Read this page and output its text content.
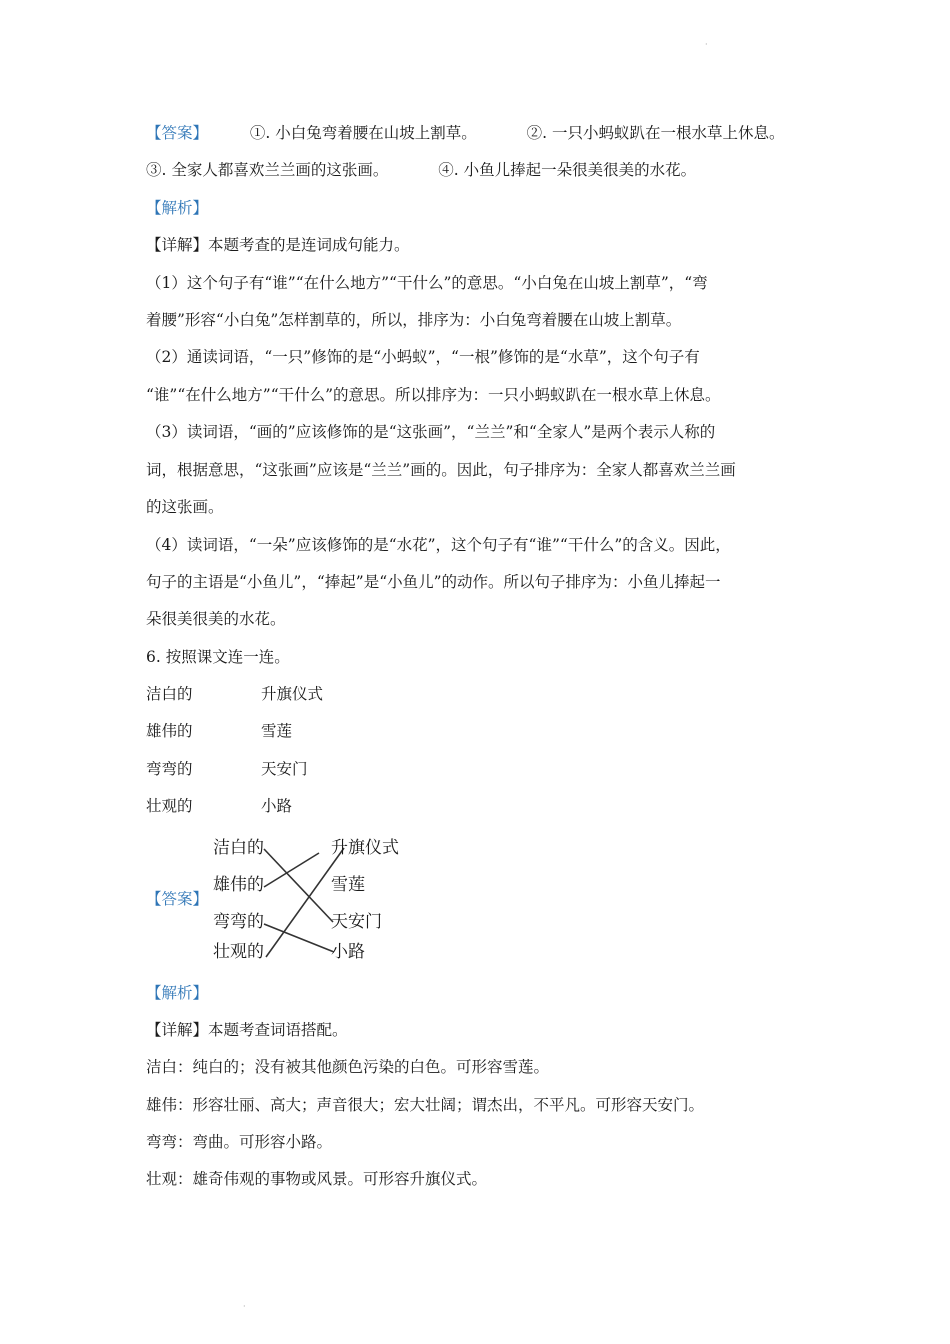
·
【答案】	①. 小白兔弯着腰在山坡上割草。	②. 一只小蚂蚁趴在一根水草上休息。
③. 全家人都喜欢兰兰画的这张画。	④. 小鱼儿捧起一朵很美很美的水花。
【解析】
【详解】本题考查的是连词成句能力。
（1）这个句子有“谁”“在什么地方”“干什么”的意思。“小白兔在山坡上割草”，“弯
着腰”形容“小白兔”怎样割草的，所以，排序为：小白兔弯着腰在山坡上割草。
（2）通读词语，“一只”修饰的是“小蚂蚁”，“一根”修饰的是“水草”，这个句子有
“谁”“在什么地方”“干什么”的意思。所以排序为：一只小蚂蚁趴在一根水草上休息。
（3）读词语，“画的”应该修饰的是“这张画”，“兰兰”和“全家人”是两个表示人称的
词，根据意思，“这张画”应该是“兰兰”画的。因此，句子排序为：全家人都喜欢兰兰画
的这张画。
（4）读词语，“一朵”应该修饰的是“水花”，这个句子有“谁”“干什么”的含义。因此，
句子的主语是“小鱼儿”，“捧起”是“小鱼儿”的动作。所以句子排序为：小鱼儿捧起一
朵很美很美的水花。
6. 按照课文连一连。
洁白的	升旗仪式
雄伟的	雪莲
弯弯的	天安门
壮观的	小路
【答案】
洁白的
雄伟的
弯弯的
壮观的
升旗仪式
雪莲
天安门
小路
【解析】
【详解】本题考查词语搭配。
洁白：纯白的；没有被其他颜色污染的白色。可形容雪莲。
雄伟：形容壮丽、高大；声音很大；宏大壮阔；谓杰出，不平凡。可形容天安门。
弯弯：弯曲。可形容小路。
壮观：雄奇伟观的事物或风景。可形容升旗仪式。
·
